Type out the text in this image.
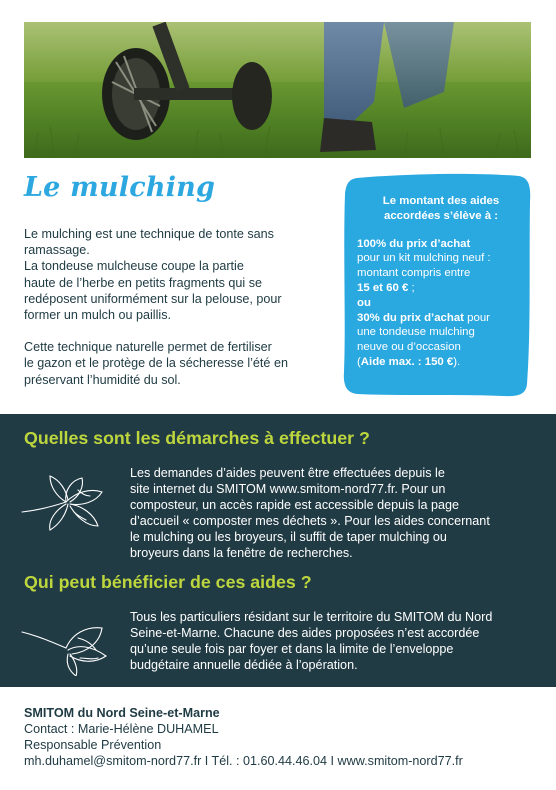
Le mulching

Le mulching est une technique de tonte sans
ramassage.
La tondeuse mulcheuse coupe la partie
haute de l’herbe en petits fragments qui se
redéposent uniformément sur la pelouse, pour
former un mulch ou paillis.

Cette technique naturelle permet de fertiliser
le gazon et le protège de la sécheresse l’été en
préservant l’humidité du sol.

Le montant des aides
accordées s’élève à :
100% du prix d’achat
pour un kit mulching neuf :
montant compris entre
15 et 60 € ;
ou
30% du prix d’achat pour
une tondeuse mulching
neuve ou d’occasion
(Aide max. : 150 €).
Quelles sont les démarches à effectuer ?
Les demandes d’aides peuvent être effectuées depuis le
site internet du SMITOM www.smitom-nord77.fr. Pour un
composteur, un accès rapide est accessible depuis la page
d’accueil « composter mes déchets ». Pour les aides concernant
le mulching ou les broyeurs, il suffit de taper mulching ou
broyeurs dans la fenêtre de recherches.
Qui peut bénéficier de ces aides ?
Tous les particuliers résidant sur le territoire du SMITOM du Nord
Seine-et-Marne. Chacune des aides proposées n’est accordée
qu’une seule fois par foyer et dans la limite de l’enveloppe
budgétaire annuelle dédiée à l’opération.
SMITOM du Nord Seine-et-Marne
Contact : Marie-Hélène DUHAMEL
Responsable Prévention
mh.duhamel@smitom-nord77.fr I Tél. : 01.60.44.46.04 I www.smitom-nord77.fr
